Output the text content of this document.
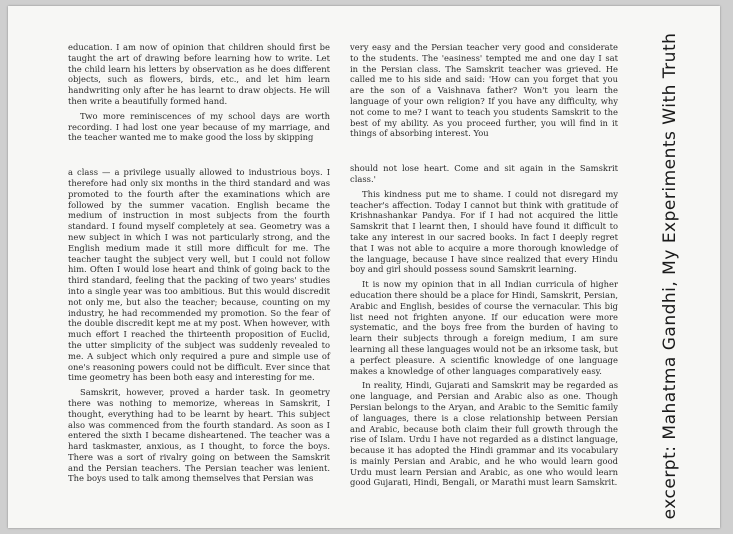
education. I am now of opinion that children should first be taught the art of drawing before learning how to write. Let the child learn his letters by observation as he does different objects, such as flowers, birds, etc., and let him learn handwriting only after he has learnt to draw objects. He will then write a beautifully formed hand.

Two more reminiscences of my school days are worth recording. I had lost one year because of my marriage, and the teacher wanted me to make good the loss by skipping

a class — a privilege usually allowed to industrious boys. I therefore had only six months in the third standard and was promoted to the fourth after the examinations which are followed by the summer vacation. English became the medium of instruction in most subjects from the fourth standard. I found myself completely at sea. Geometry was a new subject in which I was not particularly strong, and the English medium made it still more difficult for me. The teacher taught the subject very well, but I could not follow him. Often I would lose heart and think of going back to the third standard, feeling that the packing of two years' studies into a single year was too ambitious. But this would discredit not only me, but also the teacher; because, counting on my industry, he had recommended my promotion. So the fear of the double discredit kept me at my post. When however, with much effort I reached the thirteenth proposition of Euclid, the utter simplicity of the subject was suddenly revealed to me. A subject which only required a pure and simple use of one's reasoning powers could not be difficult. Ever since that time geometry has been both easy and interesting for me.

Samskrit, however, proved a harder task. In geometry there was nothing to memorize, whereas in Samskrit, I thought, everything had to be learnt by heart. This subject also was commenced from the fourth standard. As soon as I entered the sixth I became disheartened. The teacher was a hard taskmaster, anxious, as I thought, to force the boys. There was a sort of rivalry going on between the Samskrit and the Persian teachers. The Persian teacher was lenient. The boys used to talk among themselves that Persian was

very easy and the Persian teacher very good and considerate to the students. The 'easiness' tempted me and one day I sat in the Persian class. The Samskrit teacher was grieved. He called me to his side and said: 'How can you forget that you are the son of a Vaishnava father? Won't you learn the language of your own religion? If you have any difficulty, why not come to me? I want to teach you students Samskrit to the best of my ability. As you proceed further, you will find in it things of absorbing interest. You

should not lose heart. Come and sit again in the Samskrit class.'

This kindness put me to shame. I could not disregard my teacher's affection. Today I cannot but think with gratitude of Krishnashankar Pandya. For if I had not acquired the little Samskrit that I learnt then, I should have found it difficult to take any interest in our sacred books. In fact I deeply regret that I was not able to acquire a more thorough knowledge of the language, because I have since realized that every Hindu boy and girl should possess sound Samskrit learning.

It is now my opinion that in all Indian curricula of higher education there should be a place for Hindi, Samskrit, Persian, Arabic and English, besides of course the vernacular. This big list need not frighten anyone. If our education were more systematic, and the boys free from the burden of having to learn their subjects through a foreign medium, I am sure learning all these languages would not be an irksome task, but a perfect pleasure. A scientific knowledge of one language makes a knowledge of other languages comparatively easy.

In reality, Hindi, Gujarati and Samskrit may be regarded as one language, and Persian and Arabic also as one. Though Persian belongs to the Aryan, and Arabic to the Semitic family of languages, there is a close relationship between Persian and Arabic, because both claim their full growth through the rise of Islam. Urdu I have not regarded as a distinct language, because it has adopted the Hindi grammar and its vocabulary is mainly Persian and Arabic, and he who would learn good Urdu must learn Persian and Arabic, as one who would learn good Gujarati, Hindi, Bengali, or Marathi must learn Samskrit.	excerpt: Mahatma Gandhi, My Experiments With Truth
